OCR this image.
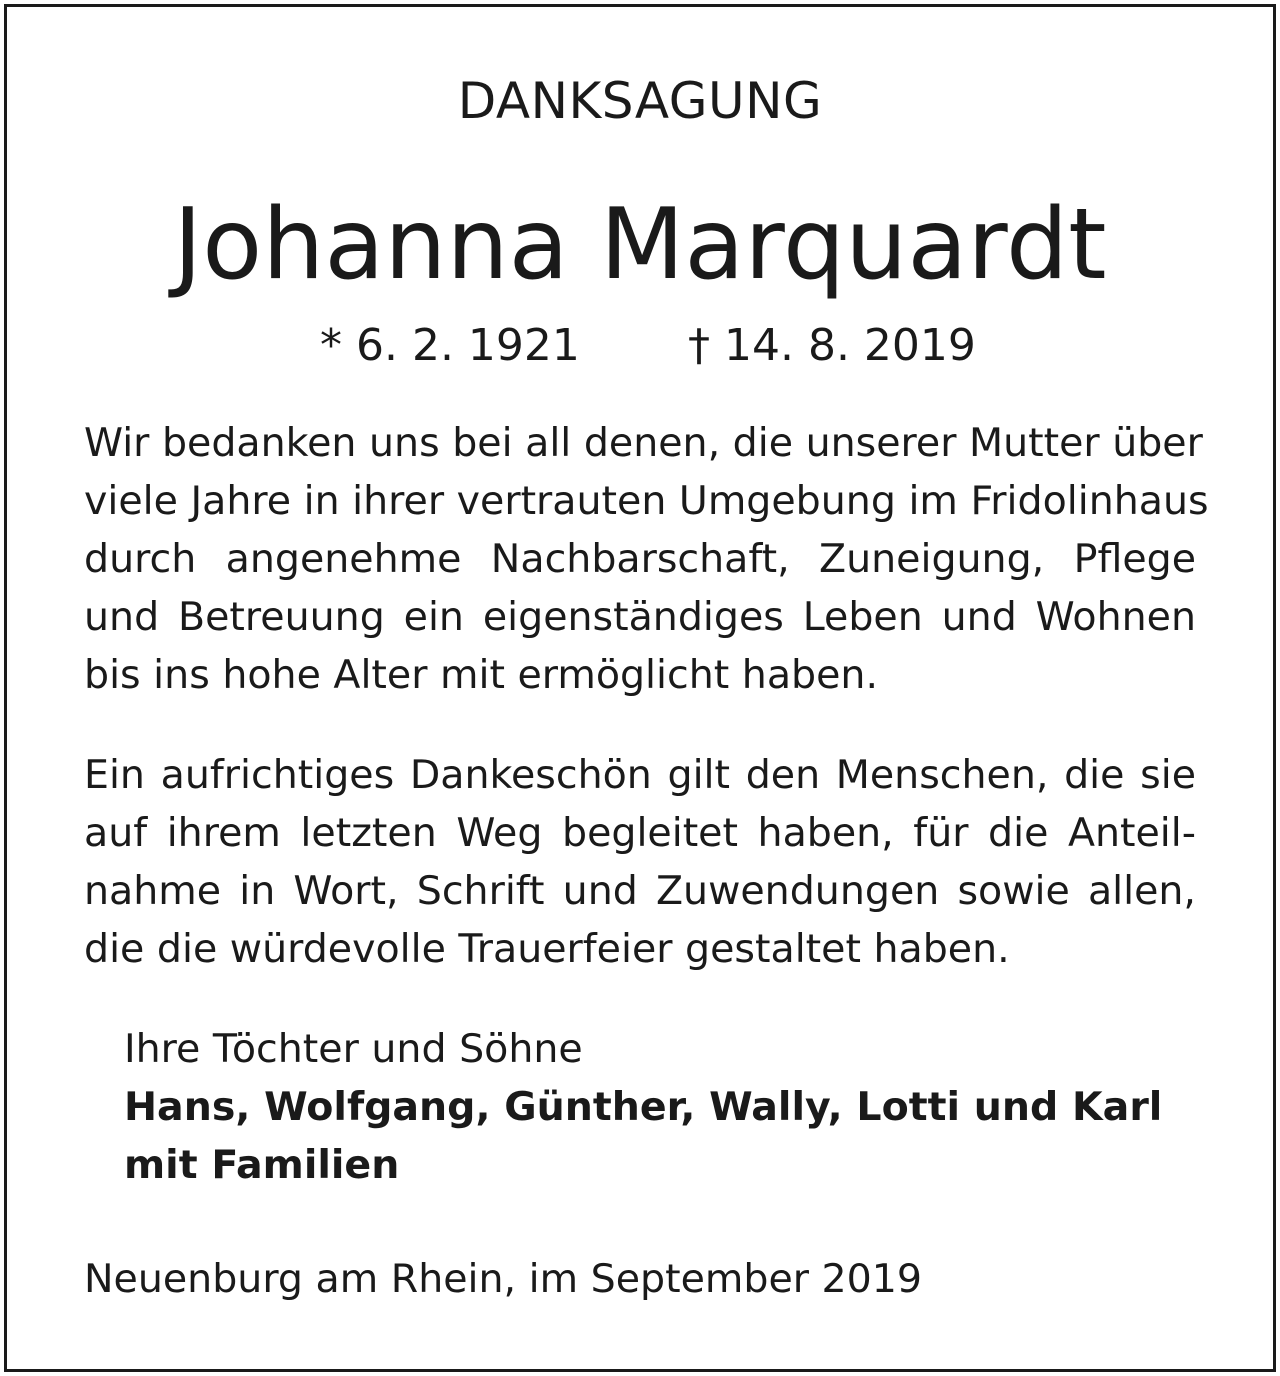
DANKSAGUNG
Johanna Marquardt
* 6. 2. 1921 † 14. 8. 2019
Wir bedanken uns bei all denen, die unserer Mutter über
viele Jahre in ihrer vertrauten Umgebung im Fridolinhaus
durch angenehme Nachbarschaft, Zuneigung, Pflege
und Betreuung ein eigenständiges Leben und Wohnen
bis ins hohe Alter mit ermöglicht haben.
Ein aufrichtiges Dankeschön gilt den Menschen, die sie
auf ihrem letzten Weg begleitet haben, für die Anteil-
nahme in Wort, Schrift und Zuwendungen sowie allen,
die die würdevolle Trauerfeier gestaltet haben.
Ihre Töchter und Söhne
Hans, Wolfgang, Günther, Wally, Lotti und Karl
mit Familien
Neuenburg am Rhein, im September 2019
